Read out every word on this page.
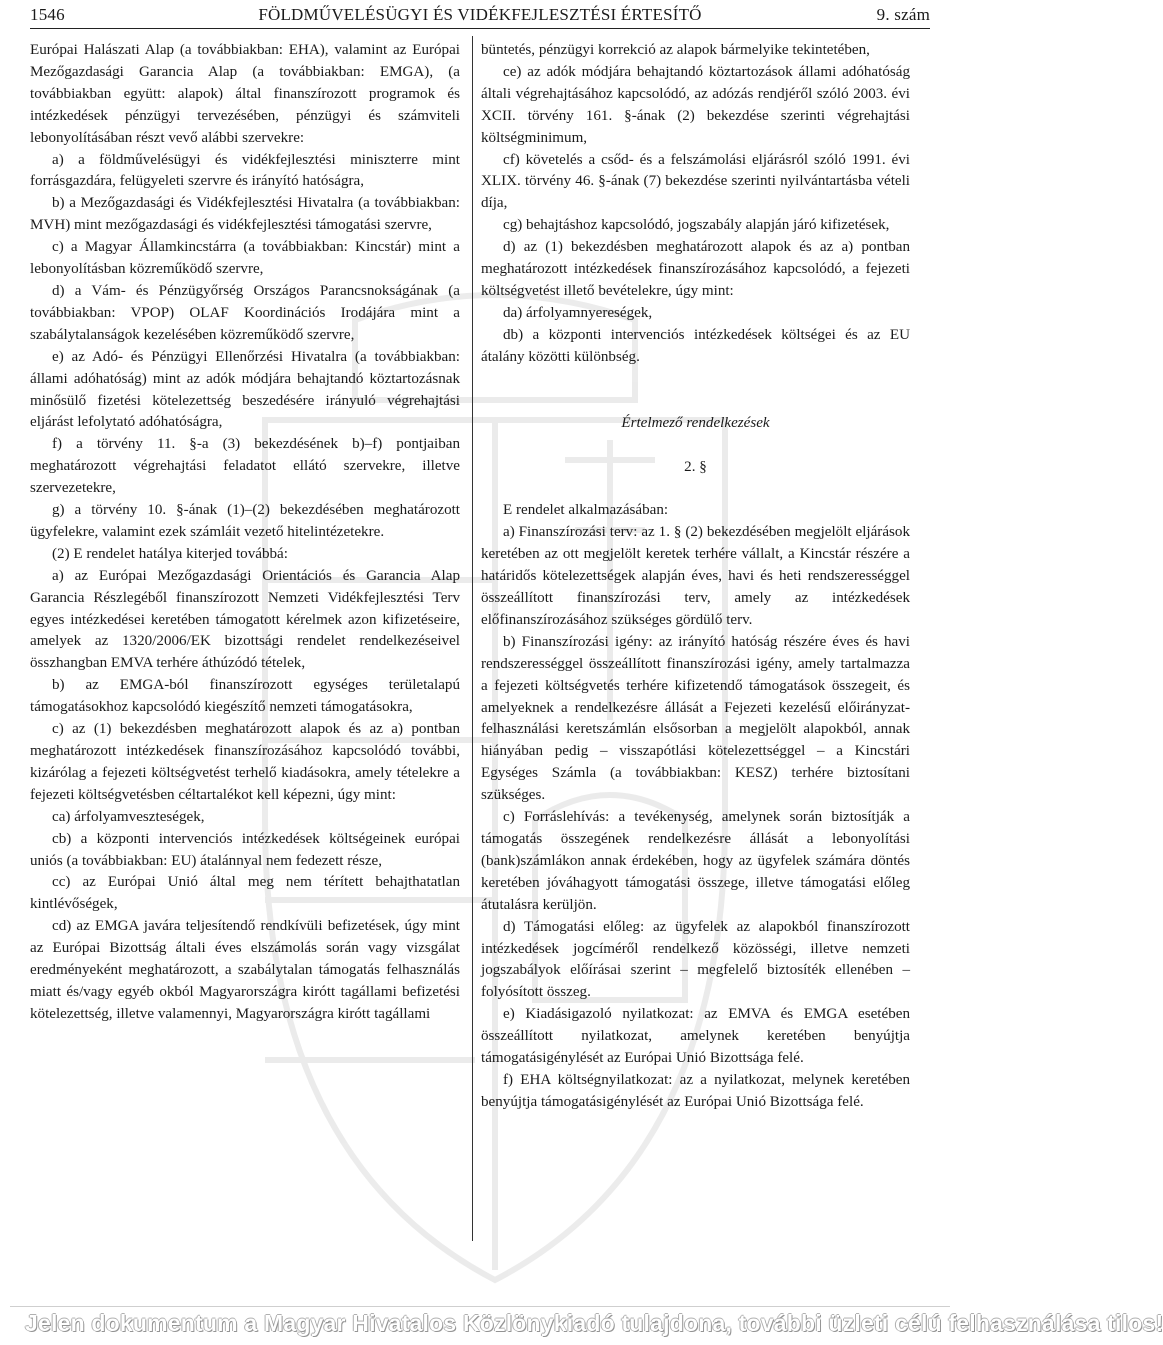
1546	FÖLDMŰVELÉSÜGYI ÉS VIDÉKFEJLESZTÉSI ÉRTESÍTŐ	9. szám

Európai Halászati Alap (a továbbiakban: EHA), valamint az Európai Mezőgazdasági Garancia Alap (a továbbiakban: EMGA), (a továbbiakban együtt: alapok) által finanszírozott programok és intézkedések pénzügyi tervezésében, pénzügyi és számviteli lebonyolításában részt vevő alábbi szervekre:

a) a földművelésügyi és vidékfejlesztési miniszterre mint forrásgazdára, felügyeleti szervre és irányító hatóságra,

b) a Mezőgazdasági és Vidékfejlesztési Hivatalra (a továbbiakban: MVH) mint mezőgazdasági és vidékfejlesztési támogatási szervre,

c) a Magyar Államkincstárra (a továbbiakban: Kincstár) mint a lebonyolításban közreműködő szervre,

d) a Vám- és Pénzügyőrség Országos Parancsnokságának (a továbbiakban: VPOP) OLAF Koordinációs Irodájára mint a szabálytalanságok kezelésében közreműködő szervre,

e) az Adó- és Pénzügyi Ellenőrzési Hivatalra (a továbbiakban: állami adóhatóság) mint az adók módjára behajtandó köztartozásnak minősülő fizetési kötelezettség beszedésére irányuló végrehajtási eljárást lefolytató adóhatóságra,

f) a törvény 11. §-a (3) bekezdésének b)–f) pontjaiban meghatározott végrehajtási feladatot ellátó szervekre, illetve szervezetekre,

g) a törvény 10. §-ának (1)–(2) bekezdésében meghatározott ügyfelekre, valamint ezek számláit vezető hitelintézetekre.

(2) E rendelet hatálya kiterjed továbbá:

a) az Európai Mezőgazdasági Orientációs és Garancia Alap Garancia Részlegéből finanszírozott Nemzeti Vidékfejlesztési Terv egyes intézkedései keretében támogatott kérelmek azon kifizetéseire, amelyek az 1320/2006/EK bizottsági rendelet rendelkezéseivel összhangban EMVA terhére áthúzódó tételek,

b) az EMGA-ból finanszírozott egységes területalapú támogatásokhoz kapcsolódó kiegészítő nemzeti támogatásokra,

c) az (1) bekezdésben meghatározott alapok és az a) pontban meghatározott intézkedések finanszírozásához kapcsolódó további, kizárólag a fejezeti költségvetést terhelő kiadásokra, amely tételekre a fejezeti költségvetésben céltartalékot kell képezni, úgy mint:

ca) árfolyamveszteségek,

cb) a központi intervenciós intézkedések költségeinek európai uniós (a továbbiakban: EU) átalánnyal nem fedezett része,

cc) az Európai Unió által meg nem térített behajthatatlan kintlévőségek,

cd) az EMGA javára teljesítendő rendkívüli befizetések, úgy mint az Európai Bizottság általi éves elszámolás során vagy vizsgálat eredményeként meghatározott, a szabálytalan támogatás felhasználás miatt és/vagy egyéb okból Magyarországra kirótt tagállami befizetési kötelezettség, illetve valamennyi, Magyarországra kirótt tagállami

büntetés, pénzügyi korrekció az alapok bármelyike tekintetében,

ce) az adók módjára behajtandó köztartozások állami adóhatóság általi végrehajtásához kapcsolódó, az adózás rendjéről szóló 2003. évi XCII. törvény 161. §-ának (2) bekezdése szerinti végrehajtási költségminimum,

cf) követelés a csőd- és a felszámolási eljárásról szóló 1991. évi XLIX. törvény 46. §-ának (7) bekezdése szerinti nyilvántartásba vételi díja,

cg) behajtáshoz kapcsolódó, jogszabály alapján járó kifizetések,

d) az (1) bekezdésben meghatározott alapok és az a) pontban meghatározott intézkedések finanszírozásához kapcsolódó, a fejezeti költségvetést illető bevételekre, úgy mint:

da) árfolyamnyereségek,

db) a központi intervenciós intézkedések költségei és az EU átalány közötti különbség.

Értelmező rendelkezések

2. §

E rendelet alkalmazásában:

a) Finanszírozási terv: az 1. § (2) bekezdésében megjelölt eljárások keretében az ott megjelölt keretek terhére vállalt, a Kincstár részére a határidős kötelezettségek alapján éves, havi és heti rendszerességgel összeállított finanszírozási terv, amely az intézkedések előfinanszírozásához szükséges gördülő terv.

b) Finanszírozási igény: az irányító hatóság részére éves és havi rendszerességgel összeállított finanszírozási igény, amely tartalmazza a fejezeti költségvetés terhére kifizetendő támogatások összegeit, és amelyeknek a rendelkezésre állását a Fejezeti kezelésű előirányzat-felhasználási keretszámlán elsősorban a megjelölt alapokból, annak hiányában pedig – visszapótlási kötelezettséggel – a Kincstári Egységes Számla (a továbbiakban: KESZ) terhére biztosítani szükséges.

c) Forráslehívás: a tevékenység, amelynek során biztosítják a támogatás összegének rendelkezésre állását a lebonyolítási (bank)számlákon annak érdekében, hogy az ügyfelek számára döntés keretében jóváhagyott támogatási összege, illetve támogatási előleg átutalásra kerüljön.

d) Támogatási előleg: az ügyfelek az alapokból finanszírozott intézkedések jogcíméről rendelkező közösségi, illetve nemzeti jogszabályok előírásai szerint – megfelelő biztosíték ellenében – folyósított összeg.

e) Kiadásigazoló nyilatkozat: az EMVA és EMGA esetében összeállított nyilatkozat, amelynek keretében benyújtja támogatásigénylését az Európai Unió Bizottsága felé.

f) EHA költségnyilatkozat: az a nyilatkozat, melynek keretében benyújtja támogatásigénylését az Európai Unió Bizottsága felé.

Jelen dokumentum a Magyar Hivatalos Közlönykiadó tulajdona, további üzleti célú felhasználása tilos!
